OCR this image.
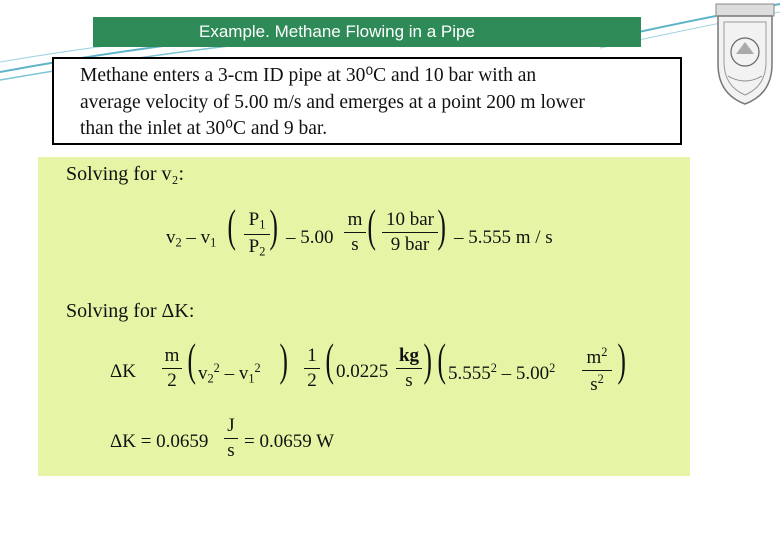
Example. Methane Flowing in a Pipe
Methane enters a 3-cm ID pipe at 30⁰C and 10 bar with an
average velocity of 5.00 m/s and emerges at a point 200 m lower
than the inlet at 30⁰C and 9 bar.
Solving for v₂:
$v_2 - v_1$ ( $P_1$
$P_2$
) – 5.00
m
s ( 10 bar
9 bar ) – 5.555 m / s
Solving for ΔK:
ΔK
m
2 ( $v_2^2 - v_1^2$ ) 1
2 ( 0.0225
kg
s ) ( 5.555$^2$ – 5.00$^2$
$m^2$
$s^2$ )
ΔK = 0.0659
J
s = 0.0659 W
